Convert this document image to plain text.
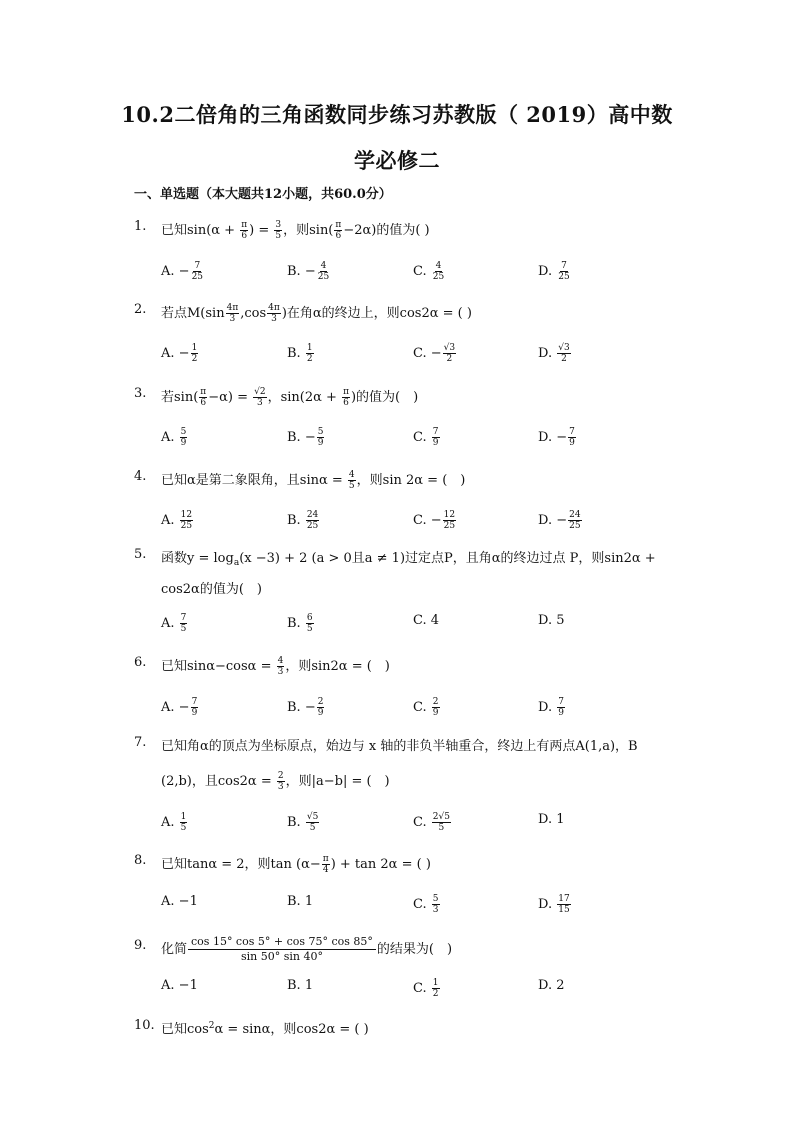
10.2二倍角的三角函数同步练习苏教版（ 2019）高中数
学必修二
一、单选题（本大题共12小题，共60.0分）
1. 已知$\sin(\alpha + \frac{\pi}{6}$ ) = $\frac{3}{5}$ ，则$\sin( \frac{\pi}{6} -2\alpha)$的值为( )
A. − $\frac{7}{25}$	B. − $\frac{4}{25}$	C. $\frac{4}{25}$	D. $\frac{7}{25}$
2. 若点$M(\sin \frac{4\pi}{3} ,\cos \frac{4\pi}{3}$ )在角α的终边上，则cos2α = ( )
A. − $\frac{1}{2}$	B. $\frac{1}{2}$	C. − $\frac{√3}{2}$	D. $\frac{√3}{2}$
3. 若$\sin( \frac{\pi}{6} -\alpha) = \frac{√2}{3}$ ，$\sin(2\alpha + \frac{\pi}{6}$ )的值为(　)
A. $\frac{5}{9}$	B. − $\frac{5}{9}$	C. $\frac{7}{9}$	D. − $\frac{7}{9}$
4. 已知α是第二象限角，且$\sin\alpha = \frac{4}{5}$ ，则sin 2α = (　)
A. $\frac{12}{25}$	B. $\frac{24}{25}$	C. − $\frac{12}{25}$	D. − $\frac{24}{25}$
5. 函数$y = \log_a(x -3) + 2$ (a > 0且a ≠ 1)过定点P，且角α的终边过点 P，则sin2α +
cos2α的值为(　)
A. $\frac{7}{5}$	B. $\frac{6}{5}$	C. 4	D. 5
6. 已知$\sin\alpha-\cos\alpha = \frac{4}{3}$ ，则sin2α = (　)
A. − $\frac{7}{9}$	B. − $\frac{2}{9}$	C. $\frac{2}{9}$	D. $\frac{7}{9}$
7. 已知角α的顶点为坐标原点，始边与 x 轴的非负半轴重合，终边上有两点A(1,a)，B
(2,b)，且$\cos 2\alpha = \frac{2}{3}$ ，则|a−b| = (　)
A. $\frac{1}{5}$	B. $\frac{√5}{5}$	C. $\frac{2√5}{5}$	D. 1
8. 已知tanα = 2，则$\tan (\alpha- \frac{\pi}{4}$ ) + tan 2α = ( )
A. −1	B. 1	C. $\frac{5}{3}$	D. $\frac{17}{15}$
9. 化简 $\frac{\cos 15^\circ \cos 5^\circ + \cos 75^\circ \cos 85^\circ}{\sin 50^\circ \sin 40^\circ}$ 的结果为(　)
A. −1	B. 1	C. $\frac{1}{2}$	D. 2
10. 已知$\cos^2\alpha = \sin\alpha$，则cos2α = ( )
